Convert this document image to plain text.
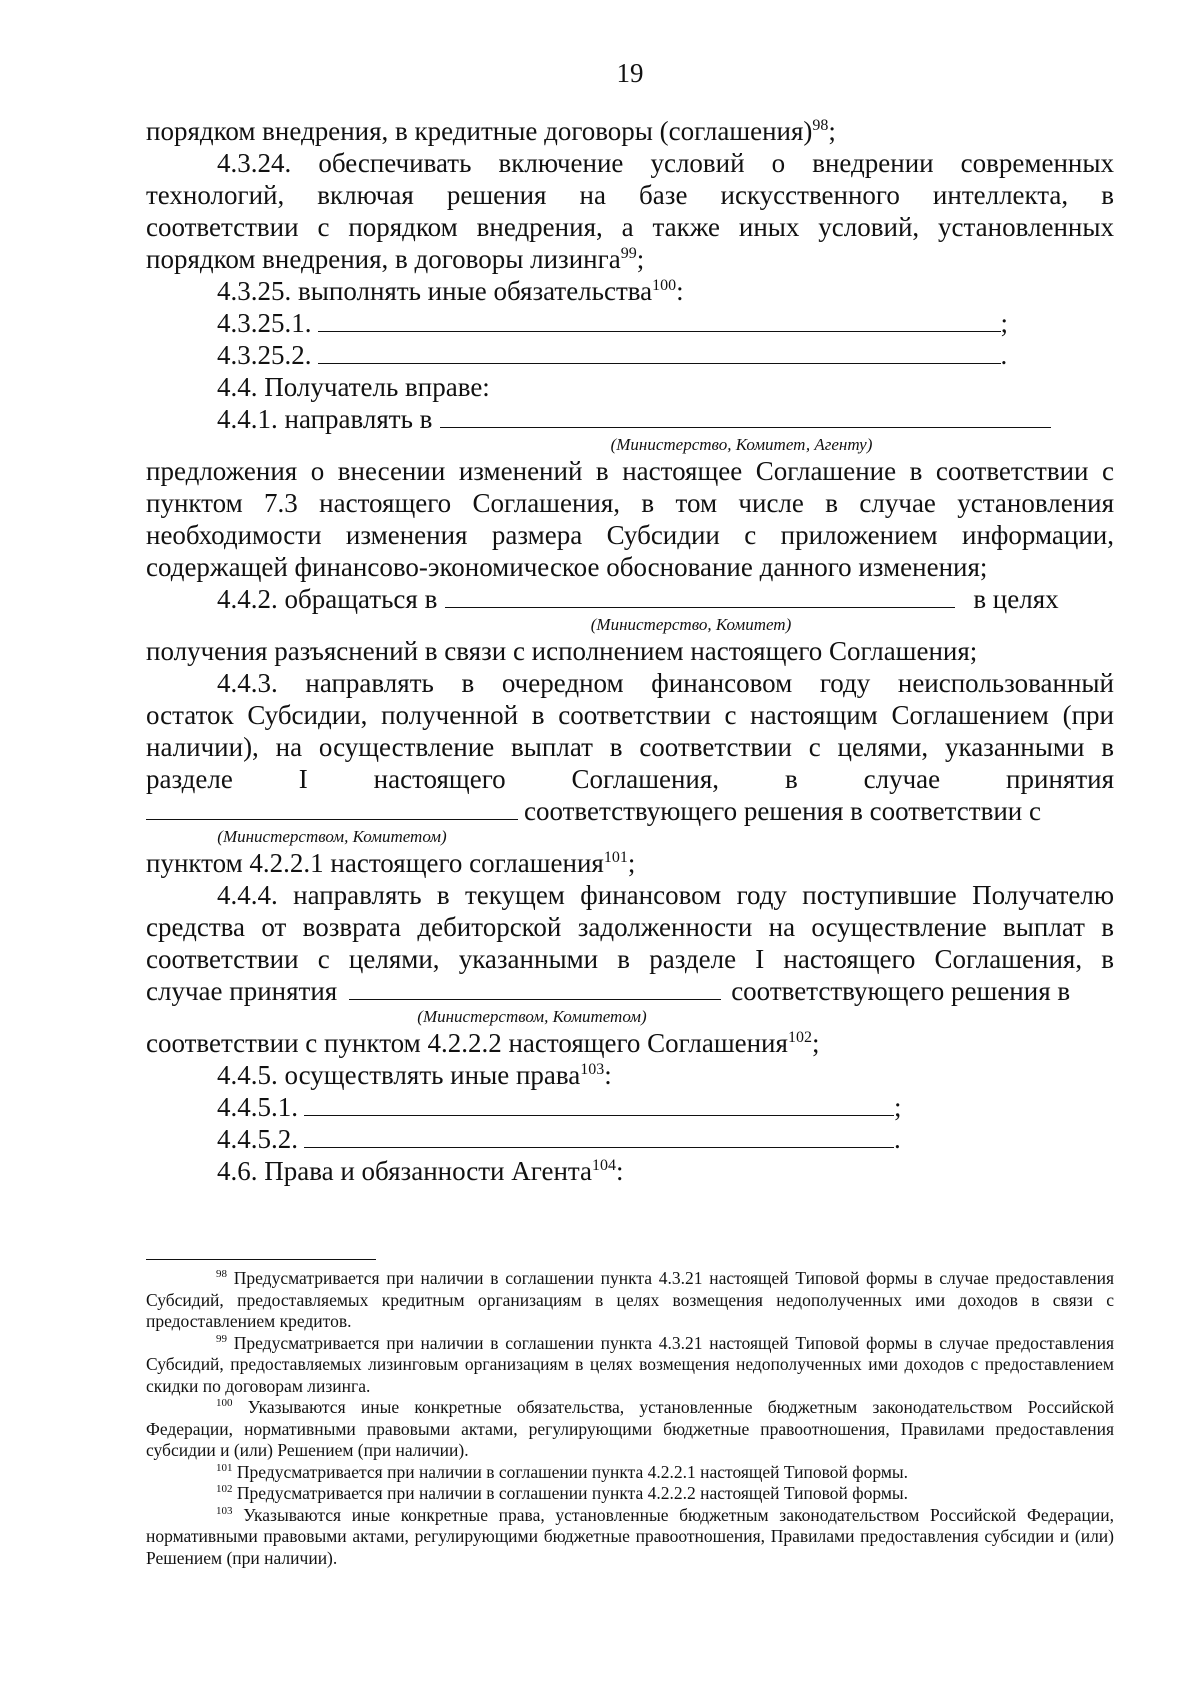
19
порядком внедрения, в кредитные договоры (соглашения)$^{98}$;
4.3.24. обеспечивать включение условий о внедрении современных
технологий, включая решения на базе искусственного интеллекта, в
соответствии с порядком внедрения, а также иных условий, установленных
порядком внедрения, в договоры лизинга$^{99}$;
4.3.25. выполнять иные обязательства$^{100}$:
4.3.25.1.	;
4.3.25.2.	.
4.4. Получатель вправе:
4.4.1. направлять в
(Министерство, Комитет, Агенту)
предложения о внесении изменений в настоящее Соглашение в соответствии с
пунктом 7.3 настоящего Соглашения, в том числе в случае установления
необходимости изменения размера Субсидии с приложением информации,
содержащей финансово-экономическое обоснование данного изменения;
4.4.2. обращаться в	в целях
(Министерство, Комитет)
получения разъяснений в связи с исполнением настоящего Соглашения;
4.4.3. направлять в очередном финансовом году неиспользованный
остаток Субсидии, полученной в соответствии с настоящим Соглашением (при
наличии), на осуществление выплат в соответствии с целями, указанными в
разделе I настоящего Соглашения, в случае принятия
соответствующего решения в соответствии с
(Министерством, Комитетом)
пунктом 4.2.2.1 настоящего соглашения$^{101}$;
4.4.4. направлять в текущем финансовом году поступившие Получателю
средства от возврата дебиторской задолженности на осуществление выплат в
соответствии с целями, указанными в разделе I настоящего Соглашения, в
случае принятия	соответствующего решения в
(Министерством, Комитетом)
соответствии с пунктом 4.2.2.2 настоящего Соглашения$^{102}$;
4.4.5. осуществлять иные права$^{103}$:
4.4.5.1.	;
4.4.5.2.	.
4.6. Права и обязанности Агента$^{104}$:

$^{98}$ Предусматривается при наличии в соглашении пункта 4.3.21 настоящей Типовой формы в случае предоставления Субсидий, предоставляемых кредитным организациям в целях возмещения недополученных ими доходов в связи с предоставлением кредитов.

$^{99}$ Предусматривается при наличии в соглашении пункта 4.3.21 настоящей Типовой формы в случае предоставления Субсидий, предоставляемых лизинговым организациям в целях возмещения недополученных ими доходов с предоставлением скидки по договорам лизинга.

$^{100}$ Указываются иные конкретные обязательства, установленные бюджетным законодательством Российской Федерации, нормативными правовыми актами, регулирующими бюджетные правоотношения, Правилами предоставления субсидии и (или) Решением (при наличии).

$^{101}$ Предусматривается при наличии в соглашении пункта 4.2.2.1 настоящей Типовой формы.

$^{102}$ Предусматривается при наличии в соглашении пункта 4.2.2.2 настоящей Типовой формы.

$^{103}$ Указываются иные конкретные права, установленные бюджетным законодательством Российской Федерации, нормативными правовыми актами, регулирующими бюджетные правоотношения, Правилами предоставления субсидии и (или) Решением (при наличии).
